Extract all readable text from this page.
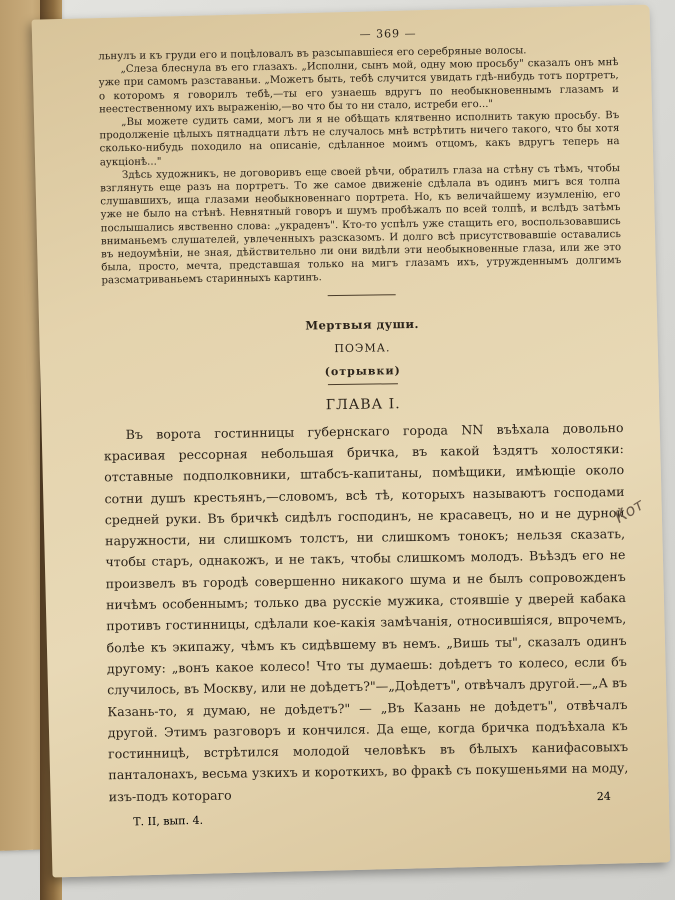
— 369 —

льнулъ и къ груди его и поцѣловалъ въ разсыпавшіеся его серебряные волосы.

„Слеза блеснула въ его глазахъ. „Исполни, сынъ мой, одну мою просьбу" сказалъ онъ мнѣ уже при самомъ разставаньи. „Можетъ быть, тебѣ случится увидать гдѣ-нибудь тотъ портретъ, о которомъ я говорилъ тебѣ,—ты его узнаешь вдругъ по необыкновеннымъ глазамъ и неестественному ихъ выраженію,—во что бы то ни стало, истреби его..."

„Вы можете судить сами, могъ ли я не обѣщать клятвенно исполнить такую просьбу. Въ продолженіе цѣлыхъ пятнадцати лѣтъ не случалось мнѣ встрѣтить ничего такого, что бы хотя сколько-нибудь походило на описаніе, сдѣланное моимъ отцомъ, какъ вдругъ теперь на аукціонѣ..."

Здѣсь художникъ, не договоривъ еще своей рѣчи, обратилъ глаза на стѣну съ тѣмъ, чтобы взглянуть еще разъ на портретъ. То же самое движеніе сдѣлала въ одинъ мигъ вся толпа слушавшихъ, ища глазами необыкновеннаго портрета. Но, къ величайшему изумленію, его уже не было на стѣнѣ. Невнятный говоръ и шумъ пробѣжалъ по всей толпѣ, и вслѣдъ затѣмъ послышались явственно слова: „украденъ". Кто-то успѣлъ уже стащить его, воспользовавшись вниманьемъ слушателей, увлеченныхъ разсказомъ. И долго всѣ присутствовавшіе оставались въ недоумѣніи, не зная, дѣйствительно ли они видѣли эти необыкновенные глаза, или же это была, просто, мечта, представшая только на мигъ глазамъ ихъ, утружденнымъ долгимъ разсматриваньемъ старинныхъ картинъ.

Мертвыя души.
ПОЭМА.
(отрывки)
ГЛАВА I.

Въ ворота гостинницы губернскаго города NN въѣхала довольно красивая рессорная небольшая бричка, въ какой ѣздятъ холостяки: отставные подполковники, штабсъ-капитаны, помѣщики, имѣющіе около сотни душъ крестьянъ,—словомъ, всѣ тѣ, которыхъ называютъ господами средней руки. Въ бричкѣ сидѣлъ господинъ, не красавецъ, но и не дурной наружности, ни слишкомъ толстъ, ни слишкомъ тонокъ; нельзя сказать, чтобы старъ, однакожъ, и не такъ, чтобы слишкомъ молодъ. Въѣздъ его не произвелъ въ городѣ совершенно никакого шума и не былъ сопровожденъ ничѣмъ особеннымъ; только два русскіе мужика, стоявшіе у дверей кабака противъ гостинницы, сдѣлали кое-какія замѣчанія, относившіяся, впрочемъ, болѣе къ экипажу, чѣмъ къ сидѣвшему въ немъ. „Вишь ты", сказалъ одинъ другому: „вонъ какое колесо! Что ты думаешь: доѣдетъ то колесо, если бъ случилось, въ Москву, или не доѣдетъ?"—„Доѣдетъ", отвѣчалъ другой.—„А въ Казань-то, я думаю, не доѣдетъ?" — „Въ Казань не доѣдетъ", отвѣчалъ другой. Этимъ разговоръ и кончился. Да еще, когда бричка подъѣхала къ гостинницѣ, встрѣтился молодой человѣкъ въ бѣлыхъ канифасовыхъ панталонахъ, весьма узкихъ и короткихъ, во фракѣ съ покушеньями на моду, изъ-подъ котораго

Т. II, вып. 4.
24
Кот
